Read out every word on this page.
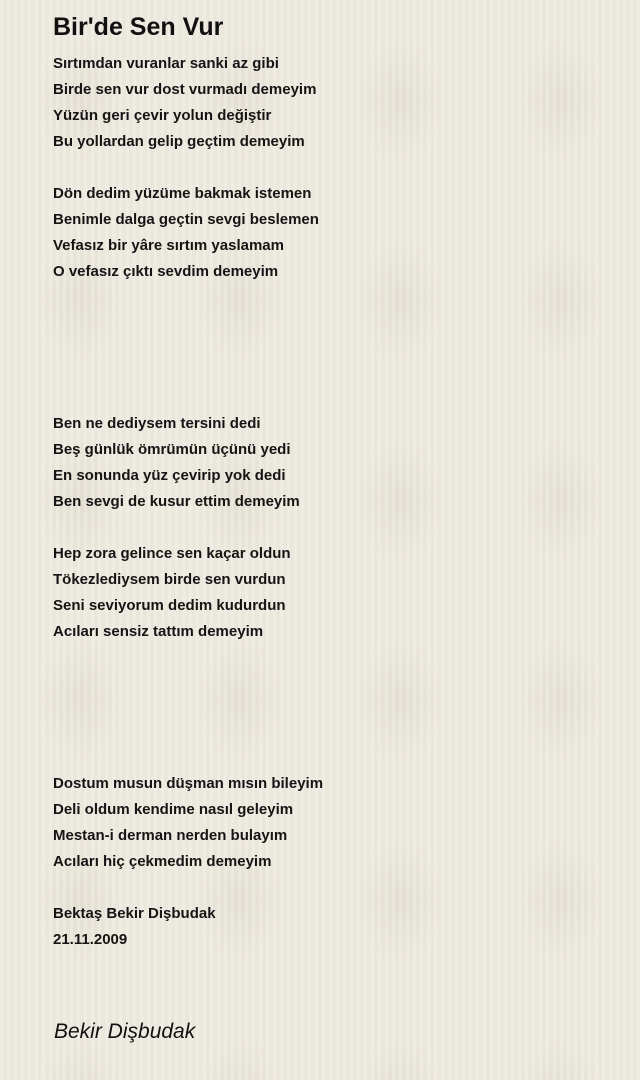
Bir'de Sen Vur
Sırtımdan vuranlar sanki az gibi
Birde sen vur dost vurmadı demeyim
Yüzün geri çevir yolun değiştir
Bu yollardan gelip geçtim demeyim
Dön dedim yüzüme bakmak istemen
Benimle dalga geçtin sevgi beslemen
Vefasız bir yâre sırtım yaslamam
O vefasız çıktı sevdim demeyim
Ben ne dediysem tersini dedi
Beş günlük ömrümün üçünü yedi
En sonunda yüz çevirip yok dedi
Ben sevgi de kusur ettim demeyim
Hep zora gelince sen kaçar oldun
Tökezlediysem birde sen vurdun
Seni seviyorum dedim kudurdun
Acıları sensiz tattım demeyim
Dostum musun düşman mısın bileyim
Deli oldum kendime nasıl geleyim
Mestan-i derman nerden bulayım
Acıları hiç çekmedim demeyim
Bektaş Bekir Dişbudak
21.11.2009
Bekir Dişbudak
